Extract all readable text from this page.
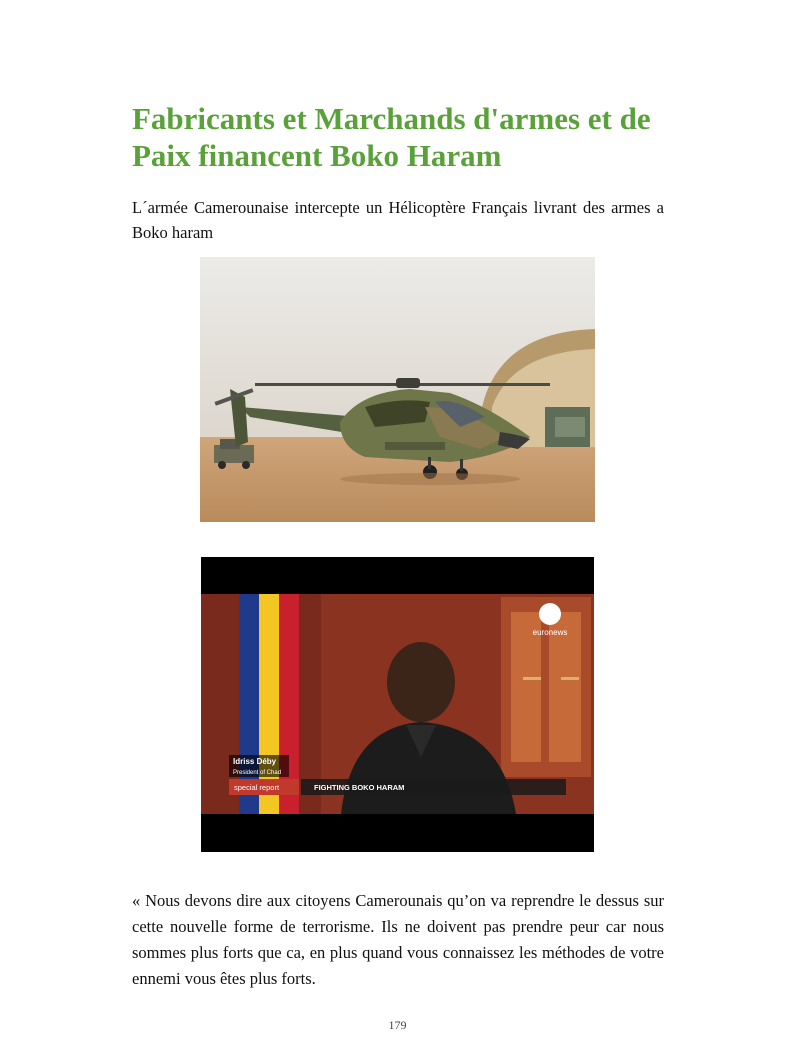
Fabricants et Marchands d'armes et de
Paix financent Boko Haram

L´armée Camerounaise intercepte un Hélicoptère Français livrant des armes a Boko haram

euronews
Idriss Déby
President of Chad
special report	FIGHTING BOKO HARAM

« Nous devons dire aux citoyens Camerounais qu’on va reprendre le dessus sur cette nouvelle forme de terrorisme. Ils ne doivent pas prendre peur car nous sommes plus forts que ca, en plus quand vous connaissez les méthodes de votre ennemi vous êtes plus forts.

179
